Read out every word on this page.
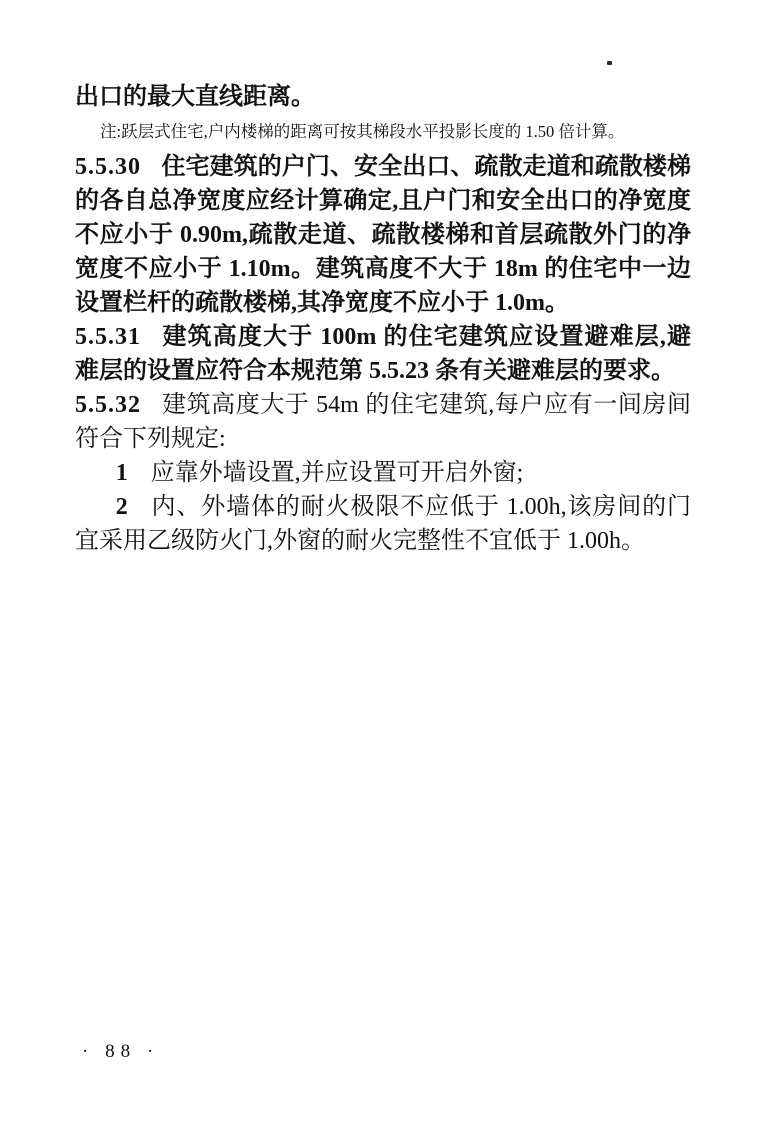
出口的最大直线距离。

注:跃层式住宅,户内楼梯的距离可按其梯段水平投影长度的 1.50 倍计算。

5.5.30 住宅建筑的户门、安全出口、疏散走道和疏散楼梯的各自总净宽度应经计算确定,且户门和安全出口的净宽度不应小于 0.90m,疏散走道、疏散楼梯和首层疏散外门的净宽度不应小于 1.10m。建筑高度不大于 18m 的住宅中一边设置栏杆的疏散楼梯,其净宽度不应小于 1.0m。

5.5.31 建筑高度大于 100m 的住宅建筑应设置避难层,避难层的设置应符合本规范第 5.5.23 条有关避难层的要求。

5.5.32 建筑高度大于 54m 的住宅建筑,每户应有一间房间符合下列规定:

1 应靠外墙设置,并应设置可开启外窗;

2 内、外墙体的耐火极限不应低于 1.00h,该房间的门宜采用乙级防火门,外窗的耐火完整性不宜低于 1.00h。

· 88 ·
